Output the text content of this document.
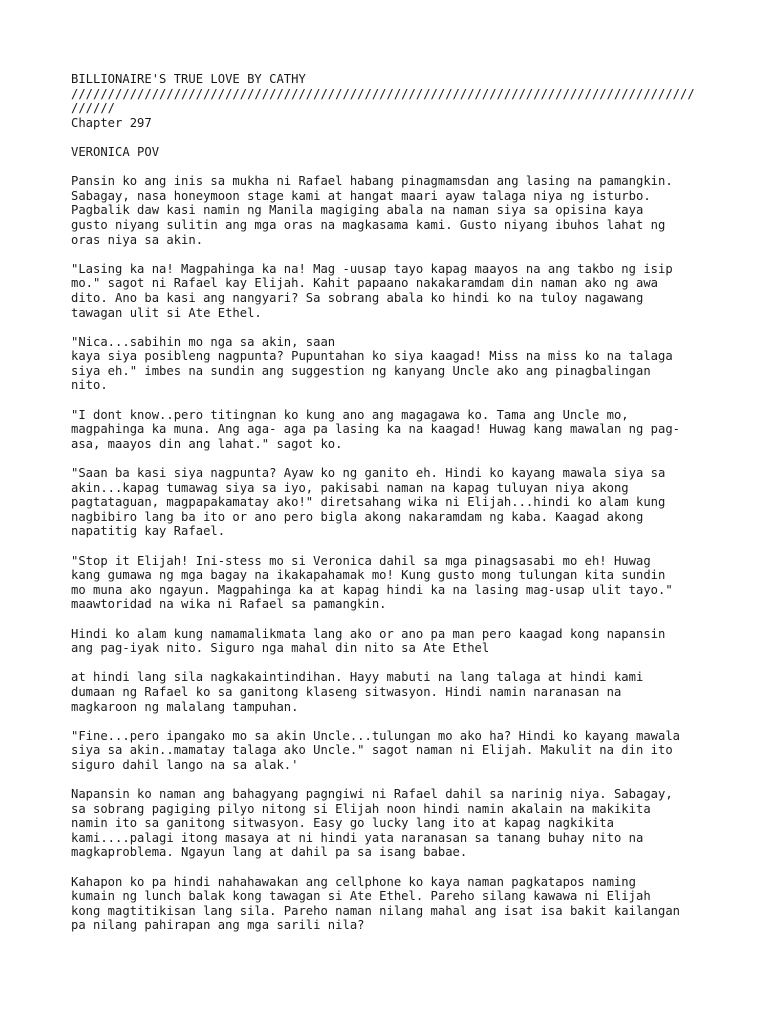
BILLIONAIRE'S TRUE LOVE BY CATHY
/////////////////////////////////////////////////////////////////////////////////////
//////
Chapter 297
VERONICA POV
Pansin ko ang inis sa mukha ni Rafael habang pinagmamsdan ang lasing na pamangkin.
Sabagay, nasa honeymoon stage kami at hangat maari ayaw talaga niya ng isturbo.
Pagbalik daw kasi namin ng Manila magiging abala na naman siya sa opisina kaya
gusto niyang sulitin ang mga oras na magkasama kami. Gusto niyang ibuhos lahat ng
oras niya sa akin.
"Lasing ka na! Magpahinga ka na! Mag -uusap tayo kapag maayos na ang takbo ng isip
mo." sagot ni Rafael kay Elijah. Kahit papaano nakakaramdam din naman ako ng awa
dito. Ano ba kasi ang nangyari? Sa sobrang abala ko hindi ko na tuloy nagawang
tawagan ulit si Ate Ethel.
"Nica...sabihin mo nga sa akin, saan
kaya siya posibleng nagpunta? Pupuntahan ko siya kaagad! Miss na miss ko na talaga
siya eh." imbes na sundin ang suggestion ng kanyang Uncle ako ang pinagbalingan
nito.
"I dont know..pero titingnan ko kung ano ang magagawa ko. Tama ang Uncle mo,
magpahinga ka muna. Ang aga- aga pa lasing ka na kaagad! Huwag kang mawalan ng pag-
asa, maayos din ang lahat." sagot ko.
"Saan ba kasi siya nagpunta? Ayaw ko ng ganito eh. Hindi ko kayang mawala siya sa
akin...kapag tumawag siya sa iyo, pakisabi naman na kapag tuluyan niya akong
pagtataguan, magpapakamatay ako!" diretsahang wika ni Elijah...hindi ko alam kung
nagbibiro lang ba ito or ano pero bigla akong nakaramdam ng kaba. Kaagad akong
napatitig kay Rafael.
"Stop it Elijah! Ini-stess mo si Veronica dahil sa mga pinagsasabi mo eh! Huwag
kang gumawa ng mga bagay na ikakapahamak mo! Kung gusto mong tulungan kita sundin
mo muna ako ngayun. Magpahinga ka at kapag hindi ka na lasing mag-usap ulit tayo."
maawtoridad na wika ni Rafael sa pamangkin.
Hindi ko alam kung namamalikmata lang ako or ano pa man pero kaagad kong napansin
ang pag-iyak nito. Siguro nga mahal din nito sa Ate Ethel
at hindi lang sila nagkakaintindihan. Hayy mabuti na lang talaga at hindi kami
dumaan ng Rafael ko sa ganitong klaseng sitwasyon. Hindi namin naranasan na
magkaroon ng malalang tampuhan.
"Fine...pero ipangako mo sa akin Uncle...tulungan mo ako ha? Hindi ko kayang mawala
siya sa akin..mamatay talaga ako Uncle." sagot naman ni Elijah. Makulit na din ito
siguro dahil lango na sa alak.'
Napansin ko naman ang bahagyang pagngiwi ni Rafael dahil sa narinig niya. Sabagay,
sa sobrang pagiging pilyo nitong si Elijah noon hindi namin akalain na makikita
namin ito sa ganitong sitwasyon. Easy go lucky lang ito at kapag nagkikita
kami....palagi itong masaya at ni hindi yata naranasan sa tanang buhay nito na
magkaproblema. Ngayun lang at dahil pa sa isang babae.
Kahapon ko pa hindi nahahawakan ang cellphone ko kaya naman pagkatapos naming
kumain ng lunch balak kong tawagan si Ate Ethel. Pareho silang kawawa ni Elijah
kong magtitikisan lang sila. Pareho naman nilang mahal ang isat isa bakit kailangan
pa nilang pahirapan ang mga sarili nila?
